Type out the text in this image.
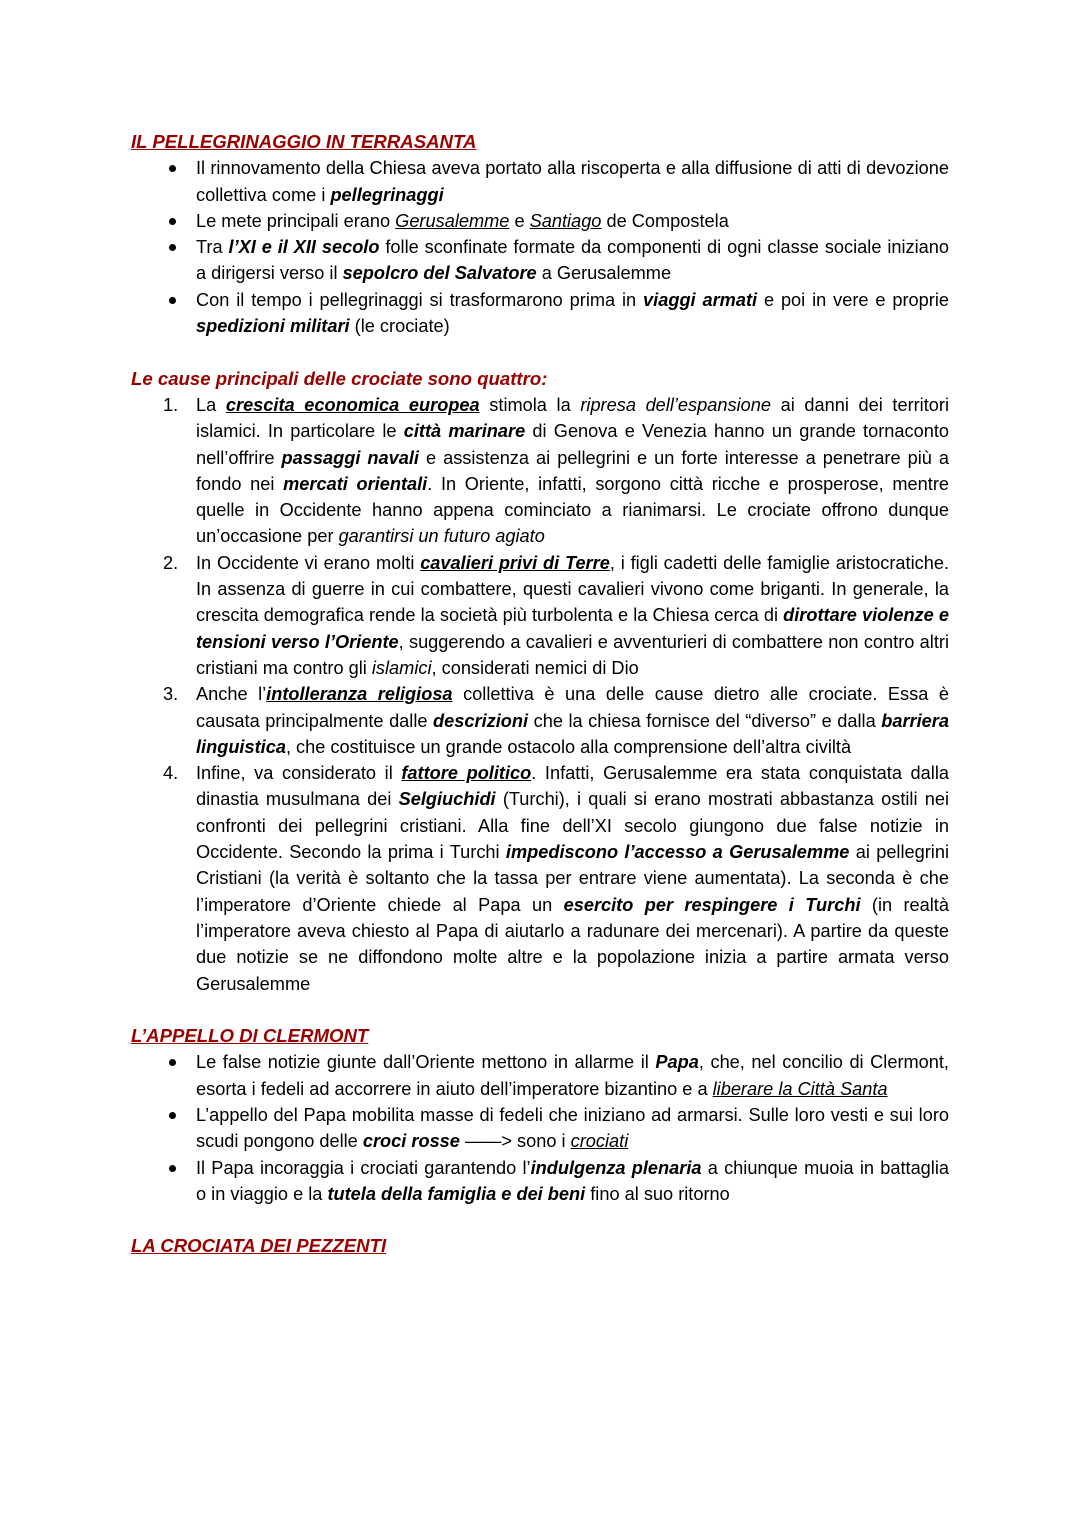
IL PELLEGRINAGGIO IN TERRASANTA
Il rinnovamento della Chiesa aveva portato alla riscoperta e alla diffusione di atti di devozione collettiva come i pellegrinaggi
Le mete principali erano Gerusalemme e Santiago de Compostela
Tra l’XI e il XII secolo folle sconfinate formate da componenti di ogni classe sociale iniziano a dirigersi verso il sepolcro del Salvatore a Gerusalemme
Con il tempo i pellegrinaggi si trasformarono prima in viaggi armati e poi in vere e proprie spedizioni militari (le crociate)
Le cause principali delle crociate sono quattro:
1. La crescita economica europea stimola la ripresa dell’espansione ai danni dei territori islamici. In particolare le città marinare di Genova e Venezia hanno un grande tornaconto nell’offrire passaggi navali e assistenza ai pellegrini e un forte interesse a penetrare più a fondo nei mercati orientali. In Oriente, infatti, sorgono città ricche e prosperose, mentre quelle in Occidente hanno appena cominciato a rianimarsi. Le crociate offrono dunque un’occasione per garantirsi un futuro agiato
2. In Occidente vi erano molti cavalieri privi di Terre, i figli cadetti delle famiglie aristocratiche. In assenza di guerre in cui combattere, questi cavalieri vivono come briganti. In generale, la crescita demografica rende la società più turbolenta e la Chiesa cerca di dirottare violenze e tensioni verso l’Oriente, suggerendo a cavalieri e avventurieri di combattere non contro altri cristiani ma contro gli islamici, considerati nemici di Dio
3. Anche l’intolleranza religiosa collettiva è una delle cause dietro alle crociate. Essa è causata principalmente dalle descrizioni che la chiesa fornisce del “diverso” e dalla barriera linguistica, che costituisce un grande ostacolo alla comprensione dell’altra civiltà
4. Infine, va considerato il fattore politico. Infatti, Gerusalemme era stata conquistata dalla dinastia musulmana dei Selgiuchidi (Turchi), i quali si erano mostrati abbastanza ostili nei confronti dei pellegrini cristiani. Alla fine dell’XI secolo giungono due false notizie in Occidente. Secondo la prima i Turchi impediscono l’accesso a Gerusalemme ai pellegrini Cristiani (la verità è soltanto che la tassa per entrare viene aumentata). La seconda è che l’imperatore d’Oriente chiede al Papa un esercito per respingere i Turchi (in realtà l’imperatore aveva chiesto al Papa di aiutarlo a radunare dei mercenari). A partire da queste due notizie se ne diffondono molte altre e la popolazione inizia a partire armata verso Gerusalemme
L’APPELLO DI CLERMONT
Le false notizie giunte dall’Oriente mettono in allarme il Papa, che, nel concilio di Clermont, esorta i fedeli ad accorrere in aiuto dell’imperatore bizantino e a liberare la Città Santa
L’appello del Papa mobilita masse di fedeli che iniziano ad armarsi. Sulle loro vesti e sui loro scudi pongono delle croci rosse ——> sono i crociati
Il Papa incoraggia i crociati garantendo l’indulgenza plenaria a chiunque muoia in battaglia o in viaggio e la tutela della famiglia e dei beni fino al suo ritorno
LA CROCIATA DEI PEZZENTI
